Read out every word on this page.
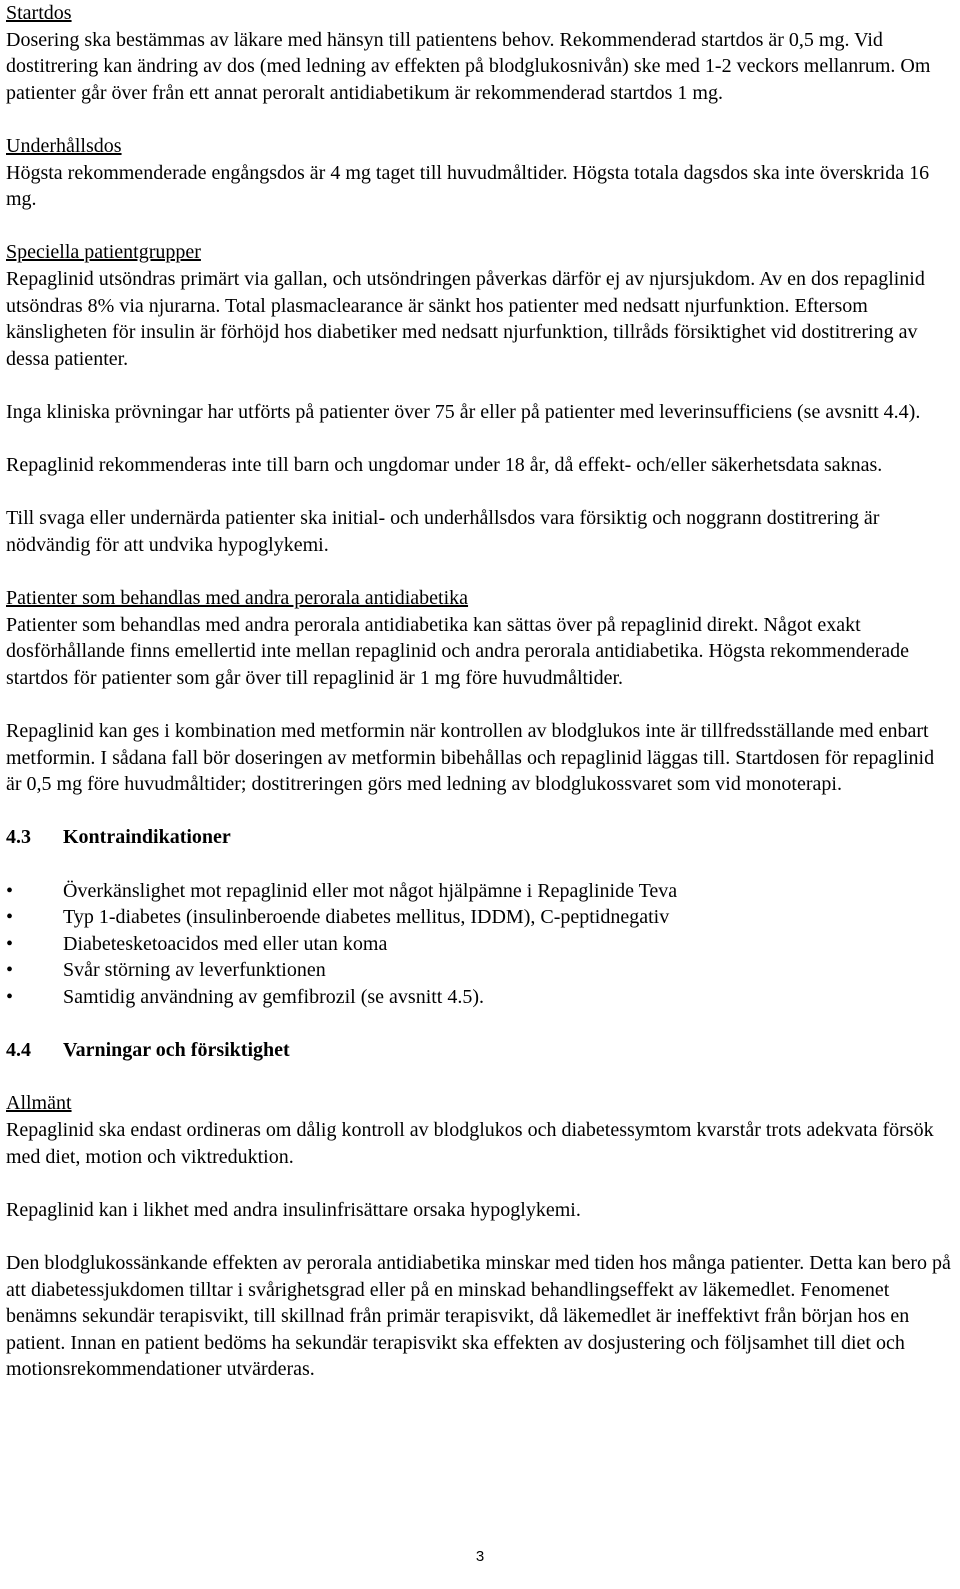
Startdos

Dosering ska bestämmas av läkare med hänsyn till patientens behov. Rekommenderad startdos är 0,5 mg. Vid dostitrering kan ändring av dos (med ledning av effekten på blodglukosnivån) ske med 1-2 veckors mellanrum. Om patienter går över från ett annat peroralt antidiabetikum är rekommenderad startdos 1 mg.

Underhållsdos

Högsta rekommenderade engångsdos är 4 mg taget till huvudmåltider. Högsta totala dagsdos ska inte överskrida 16 mg.

Speciella patientgrupper

Repaglinid utsöndras primärt via gallan, och utsöndringen påverkas därför ej av njursjukdom. Av en dos repaglinid utsöndras 8% via njurarna. Total plasmaclearance är sänkt hos patienter med nedsatt njurfunktion. Eftersom känsligheten för insulin är förhöjd hos diabetiker med nedsatt njurfunktion, tillråds försiktighet vid dostitrering av dessa patienter.

Inga kliniska prövningar har utförts på patienter över 75 år eller på patienter med leverinsufficiens (se avsnitt 4.4).

Repaglinid rekommenderas inte till barn och ungdomar under 18 år, då effekt- och/eller säkerhetsdata saknas.

Till svaga eller undernärda patienter ska initial- och underhållsdos vara försiktig och noggrann dostitrering är nödvändig för att undvika hypoglykemi.

Patienter som behandlas med andra perorala antidiabetika

Patienter som behandlas med andra perorala antidiabetika kan sättas över på repaglinid direkt. Något exakt dosförhållande finns emellertid inte mellan repaglinid och andra perorala antidiabetika. Högsta rekommenderade startdos för patienter som går över till repaglinid är 1 mg före huvudmåltider.

Repaglinid kan ges i kombination med metformin när kontrollen av blodglukos inte är tillfredsställande med enbart metformin. I sådana fall bör doseringen av metformin bibehållas och repaglinid läggas till. Startdosen för repaglinid är 0,5 mg före huvudmåltider; dostitreringen görs med ledning av blodglukossvaret som vid monoterapi.

4.3	Kontraindikationer
•	Överkänslighet mot repaglinid eller mot något hjälpämne i Repaglinide Teva
•	Typ 1-diabetes (insulinberoende diabetes mellitus, IDDM), C-peptidnegativ
•	Diabetesketoacidos med eller utan koma
•	Svår störning av leverfunktionen
•	Samtidig användning av gemfibrozil (se avsnitt 4.5).
4.4	Varningar och försiktighet

Allmänt

Repaglinid ska endast ordineras om dålig kontroll av blodglukos och diabetessymtom kvarstår trots adekvata försök med diet, motion och viktreduktion.

Repaglinid kan i likhet med andra insulinfrisättare orsaka hypoglykemi.

Den blodglukossänkande effekten av perorala antidiabetika minskar med tiden hos många patienter. Detta kan bero på att diabetessjukdomen tilltar i svårighetsgrad eller på en minskad behandlingseffekt av läkemedlet. Fenomenet benämns sekundär terapisvikt, till skillnad från primär terapisvikt, då läkemedlet är ineffektivt från början hos en patient. Innan en patient bedöms ha sekundär terapisvikt ska effekten av dosjustering och följsamhet till diet och motionsrekommendationer utvärderas.

3
